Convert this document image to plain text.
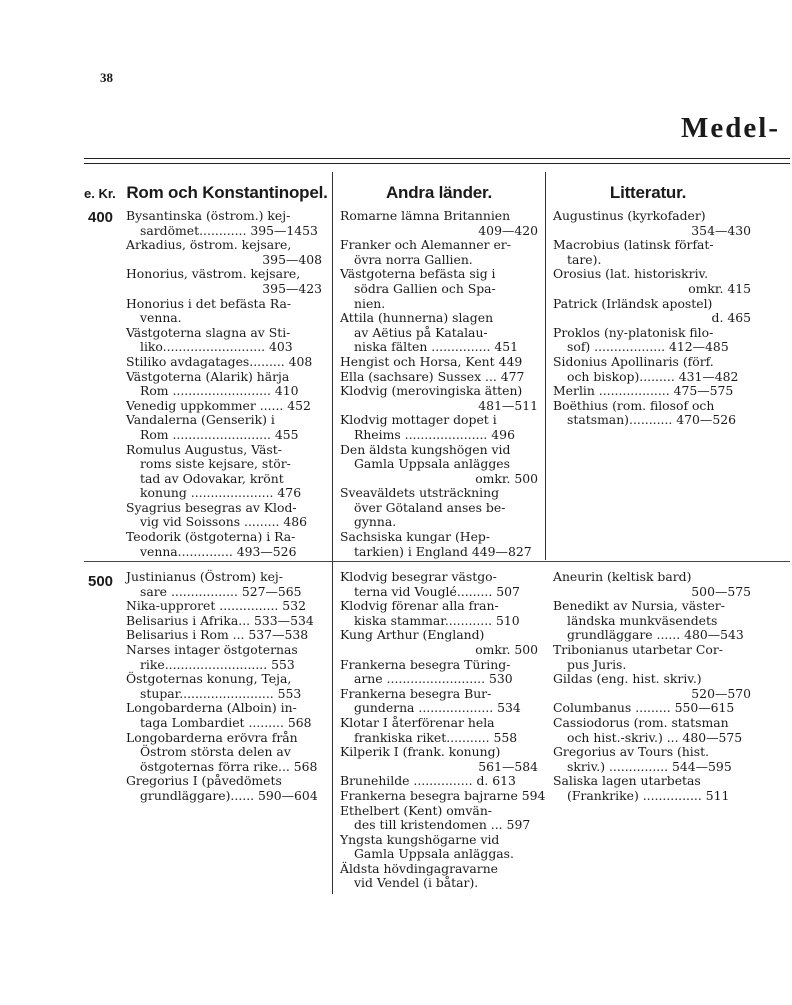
38
Medel-
e. Kr. Rom och Konstantinopel.	Andra länder.	Litteratur.
400
500
Bysantinska (östrom.) kej-
sardömet............ 395—1453
Arkadius, östrom. kejsare,
395—408
Honorius, västrom. kejsare,
395—423
Honorius i det befästa Ra-
venna.
Västgoterna slagna av Sti-
liko.......................... 403
Stiliko avdagatages......... 408
Västgoterna (Alarik) härja
Rom ......................... 410
Venedig uppkommer ...... 452
Vandalerna (Genserik) i
Rom ......................... 455
Romulus Augustus, Väst-
roms siste kejsare, stör-
tad av Odovakar, krönt
konung ..................... 476
Syagrius besegras av Klod-
vig vid Soissons ......... 486
Teodorik (östgoterna) i Ra-
venna.............. 493—526
Romarne lämna Britannien
409—420
Franker och Alemanner er-
övra norra Gallien.
Västgoterna befästa sig i
södra Gallien och Spa-
nien.
Attila (hunnerna) slagen
av Aëtius på Katalau-
niska fälten ............... 451
Hengist och Horsa, Kent 449
Ella (sachsare) Sussex ... 477
Klodvig (merovingiska ätten)
481—511
Klodvig mottager dopet i
Rheims ..................... 496
Den äldsta kungshögen vid
Gamla Uppsala anlägges
omkr. 500
Sveaväldets utsträckning
över Götaland anses be-
gynna.
Sachsiska kungar (Hep-
tarkien) i England 449—827
Augustinus (kyrkofader)
354—430
Macrobius (latinsk förfat-
tare).
Orosius (lat. historiskriv.
omkr. 415
Patrick (Irländsk apostel)
d. 465
Proklos (ny-platonisk filo-
sof) .................. 412—485
Sidonius Apollinaris (förf.
och biskop)......... 431—482
Merlin .................. 475—575
Boëthius (rom. filosof och
statsman)........... 470—526
Justinianus (Östrom) kej-
sare ................. 527—565
Nika-upproret ............... 532
Belisarius i Afrika... 533—534
Belisarius i Rom ... 537—538
Narses intager östgoternas
rike.......................... 553
Östgoternas konung, Teja,
stupar........................ 553
Longobarderna (Alboin) in-
taga Lombardiet ......... 568
Longobarderna erövra från
Östrom största delen av
östgoternas förra rike... 568
Gregorius I (påvedömets
grundläggare)...... 590—604
Klodvig besegrar västgo-
terna vid Vouglé......... 507
Klodvig förenar alla fran-
kiska stammar............ 510
Kung Arthur (England)
omkr. 500
Frankerna besegra Türing-
arne ......................... 530
Frankerna besegra Bur-
gunderna ................... 534
Klotar I återförenar hela
frankiska riket........... 558
Kilperik I (frank. konung)
561—584
Brunehilde ............... d. 613
Frankerna besegra bajrarne 594
Ethelbert (Kent) omvän-
des till kristendomen ... 597
Yngsta kungshögarne vid
Gamla Uppsala anläggas.
Äldsta hövdingagravarne
vid Vendel (i båtar).
Aneurin (keltisk bard)
500—575
Benedikt av Nursia, väster-
ländska munkväsendets
grundläggare ...... 480—543
Tribonianus utarbetar Cor-
pus Juris.
Gildas (eng. hist. skriv.)
520—570
Columbanus ......... 550—615
Cassiodorus (rom. statsman
och hist.-skriv.) ... 480—575
Gregorius av Tours (hist.
skriv.) ............... 544—595
Saliska lagen utarbetas
(Frankrike) ............... 511
